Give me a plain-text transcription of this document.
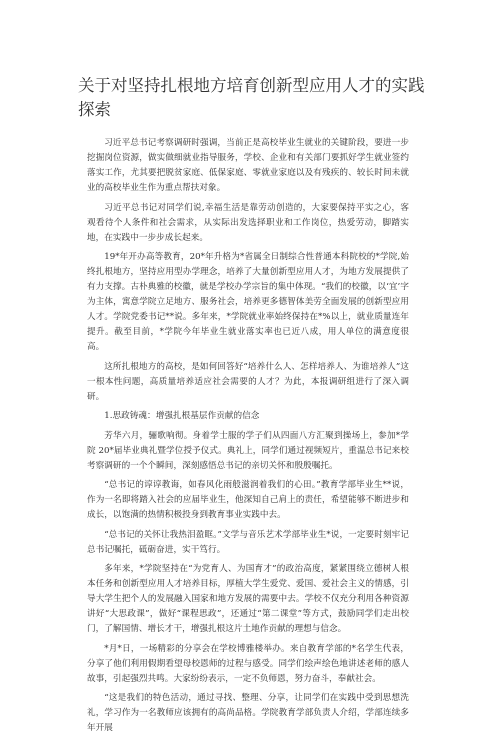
关于对坚持扎根地方培育创新型应用人才的实践探索

习近平总书记考察调研时强调，当前正是高校毕业生就业的关键阶段，要进一步挖掘岗位资源，做实做细就业指导服务，学校、企业和有关部门要抓好学生就业签约落实工作，尤其要把脱贫家庭、低保家庭、零就业家庭以及有残疾的、较长时间未就业的高校毕业生作为重点帮扶对象。

习近平总书记对同学们说,幸福生活是靠劳动创造的，大家要保持平实之心，客观看待个人条件和社会需求，从实际出发选择职业和工作岗位，热爱劳动，脚踏实地，在实践中一步步成长起来。

19*年开办高等教育，20*年升格为*省属全日制综合性普通本科院校的*学院,始终扎根地方，坚持应用型办学理念，培养了大量创新型应用人才，为地方发展提供了有力支撑。古朴典雅的校徽，就是学校办学宗旨的集中体现。“我们的校徽，以‘宜’字为主体，寓意学院立足地方、服务社会，培养更多德智体美劳全面发展的创新型应用人才。学院党委书记**说。多年来，*学院就业率始终保持在*%以上，就业质量连年提升。截至目前，*学院今年毕业生就业落实率也已近八成，用人单位的满意度很高。

这所扎根地方的高校，是如何回答好“培养什么人、怎样培养人、为谁培养人”这一根本性问题，高质量培养适应社会需要的人才？为此，本报调研组进行了深入调研。

1.思政铸魂：增强扎根基层作贡献的信念

芳华六月，骊歌响彻。身着学士服的学子们从四面八方汇聚到操场上，参加*学院 20*届毕业典礼暨学位授予仪式。典礼上，同学们通过视频短片，重温总书记来校考察调研的一个个瞬间，深刻感悟总书记的亲切关怀和殷殷嘱托。

“总书记的谆谆教诲，如春风化雨般滋润着我们的心田。”教育学部毕业生**说，作为一名即将踏入社会的应届毕业生，他深知自己肩上的责任，希望能够不断进步和成长，以饱满的热情积极投身到教育事业实践中去。

“总书记的关怀让我热泪盈眶。”文学与音乐艺术学部毕业生*说，一定要时刻牢记总书记嘱托，砥砺奋进，实干笃行。

多年来，*学院坚持在“为党育人、为国育才”的政治高度，紧紧围绕立德树人根本任务和创新型应用人才培养目标，厚植大学生爱党、爱国、爱社会主义的情感，引导大学生把个人的发展融入国家和地方发展的需要中去。学校不仅充分利用各种资源讲好“大思政课”，做好“课程思政”，还通过“第二课堂”等方式，鼓励同学们走出校门，了解国情、增长才干，增强扎根这片土地作贡献的理想与信念。

*月*日，一场精彩的分享会在学校博雅楼举办。来自教育学部的*名学生代表，分享了他们利用假期看望母校恩师的过程与感受。同学们绘声绘色地讲述老师的感人故事，引起强烈共鸣。大家纷纷表示，一定不负师恩，努力奋斗，奉献社会。

“这是我们的特色活动，通过寻找、整理、分享，让同学们在实践中受到思想洗礼，学习作为一名教师应该拥有的高尚品格。学院教育学部负责人介绍，学部连续多年开展
